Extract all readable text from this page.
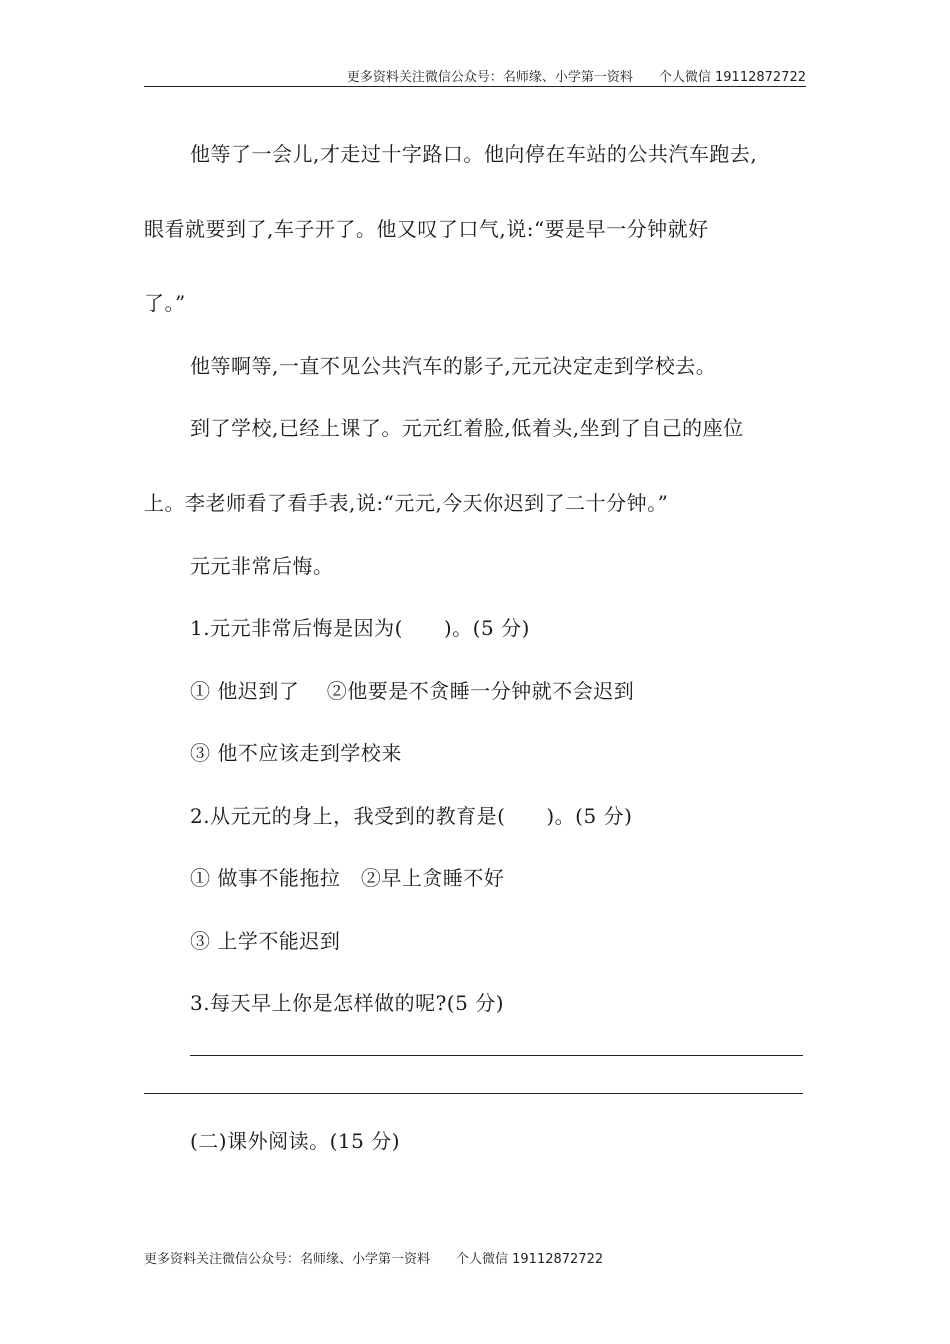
更多资料关注微信公众号：名师缘、小学第一资料　　个人微信 19112872722
他等了一会儿,才走过十字路口。他向停在车站的公共汽车跑去,
眼看就要到了,车子开了。他又叹了口气,说:“要是早一分钟就好
了。”
他等啊等,一直不见公共汽车的影子,元元决定走到学校去。
到了学校,已经上课了。元元红着脸,低着头,坐到了自己的座位
上。李老师看了看手表,说:“元元,今天你迟到了二十分钟。”
元元非常后悔。
1.元元非常后悔是因为(　　)。(5 分)
① 他迟到了　 ②他要是不贪睡一分钟就不会迟到
③ 他不应该走到学校来
2.从元元的身上，我受到的教育是(　　)。(5 分)
① 做事不能拖拉　②早上贪睡不好
③ 上学不能迟到
3.每天早上你是怎样做的呢?(5 分)
(二)课外阅读。(15 分)
更多资料关注微信公众号：名师缘、小学第一资料　　个人微信 19112872722
